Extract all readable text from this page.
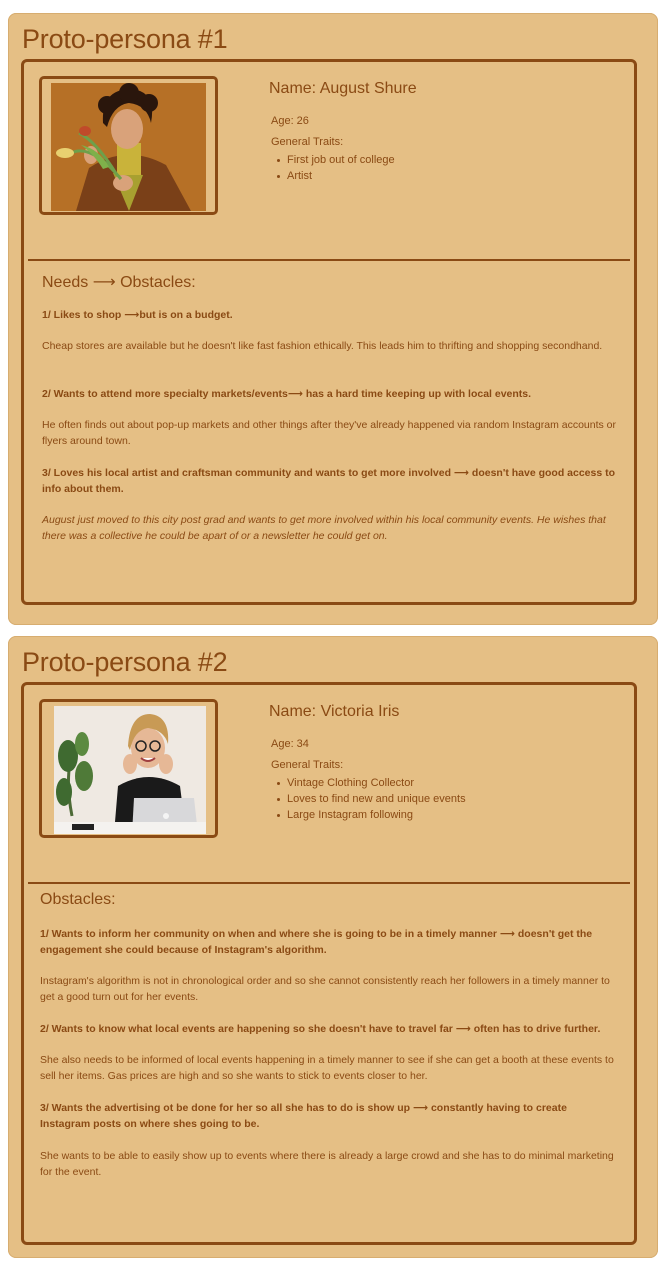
Proto-persona #1
Name: August Shure
Age: 26
General Traits:
First job out of college
Artist
Needs ⟶ Obstacles:

1/ Likes to shop ⟶but is on a budget.

Cheap stores are available but he doesn't like fast fashion ethically. This leads him to thrifting and shopping secondhand.

2/ Wants to attend more specialty markets/events⟶ has a hard time keeping up with local events.

He often finds out about pop-up markets and other things after they've already happened via random Instagram accounts or flyers around town.

3/ Loves his local artist and craftsman community and wants to get more involved ⟶ doesn't have good access to info about them.

August just moved to this city post grad and wants to get more involved within his local community events. He wishes that there was a collective he could be apart of or a newsletter he could get on.

Proto-persona #2
Name: Victoria Iris
Age: 34
General Traits:
Vintage Clothing Collector
Loves to find new and unique events
Large Instagram following
Obstacles:

1/ Wants to inform her community on when and where she is going to be in a timely manner ⟶ doesn't get the engagement she could because of Instagram's algorithm.

Instagram's algorithm is not in chronological order and so she cannot consistently reach her followers in a timely manner to get a good turn out for her events.

2/ Wants to know what local events are happening so she doesn't have to travel far ⟶ often has to drive further.

She also needs to be informed of local events happening in a timely manner to see if she can get a booth at these events to sell her items. Gas prices are high and so she wants to stick to events closer to her.

3/ Wants the advertising ot be done for her so all she has to do is show up ⟶ constantly having to create Instagram posts on where shes going to be.

She wants to be able to easily show up to events where there is already a large crowd and she has to do minimal marketing for the event.
